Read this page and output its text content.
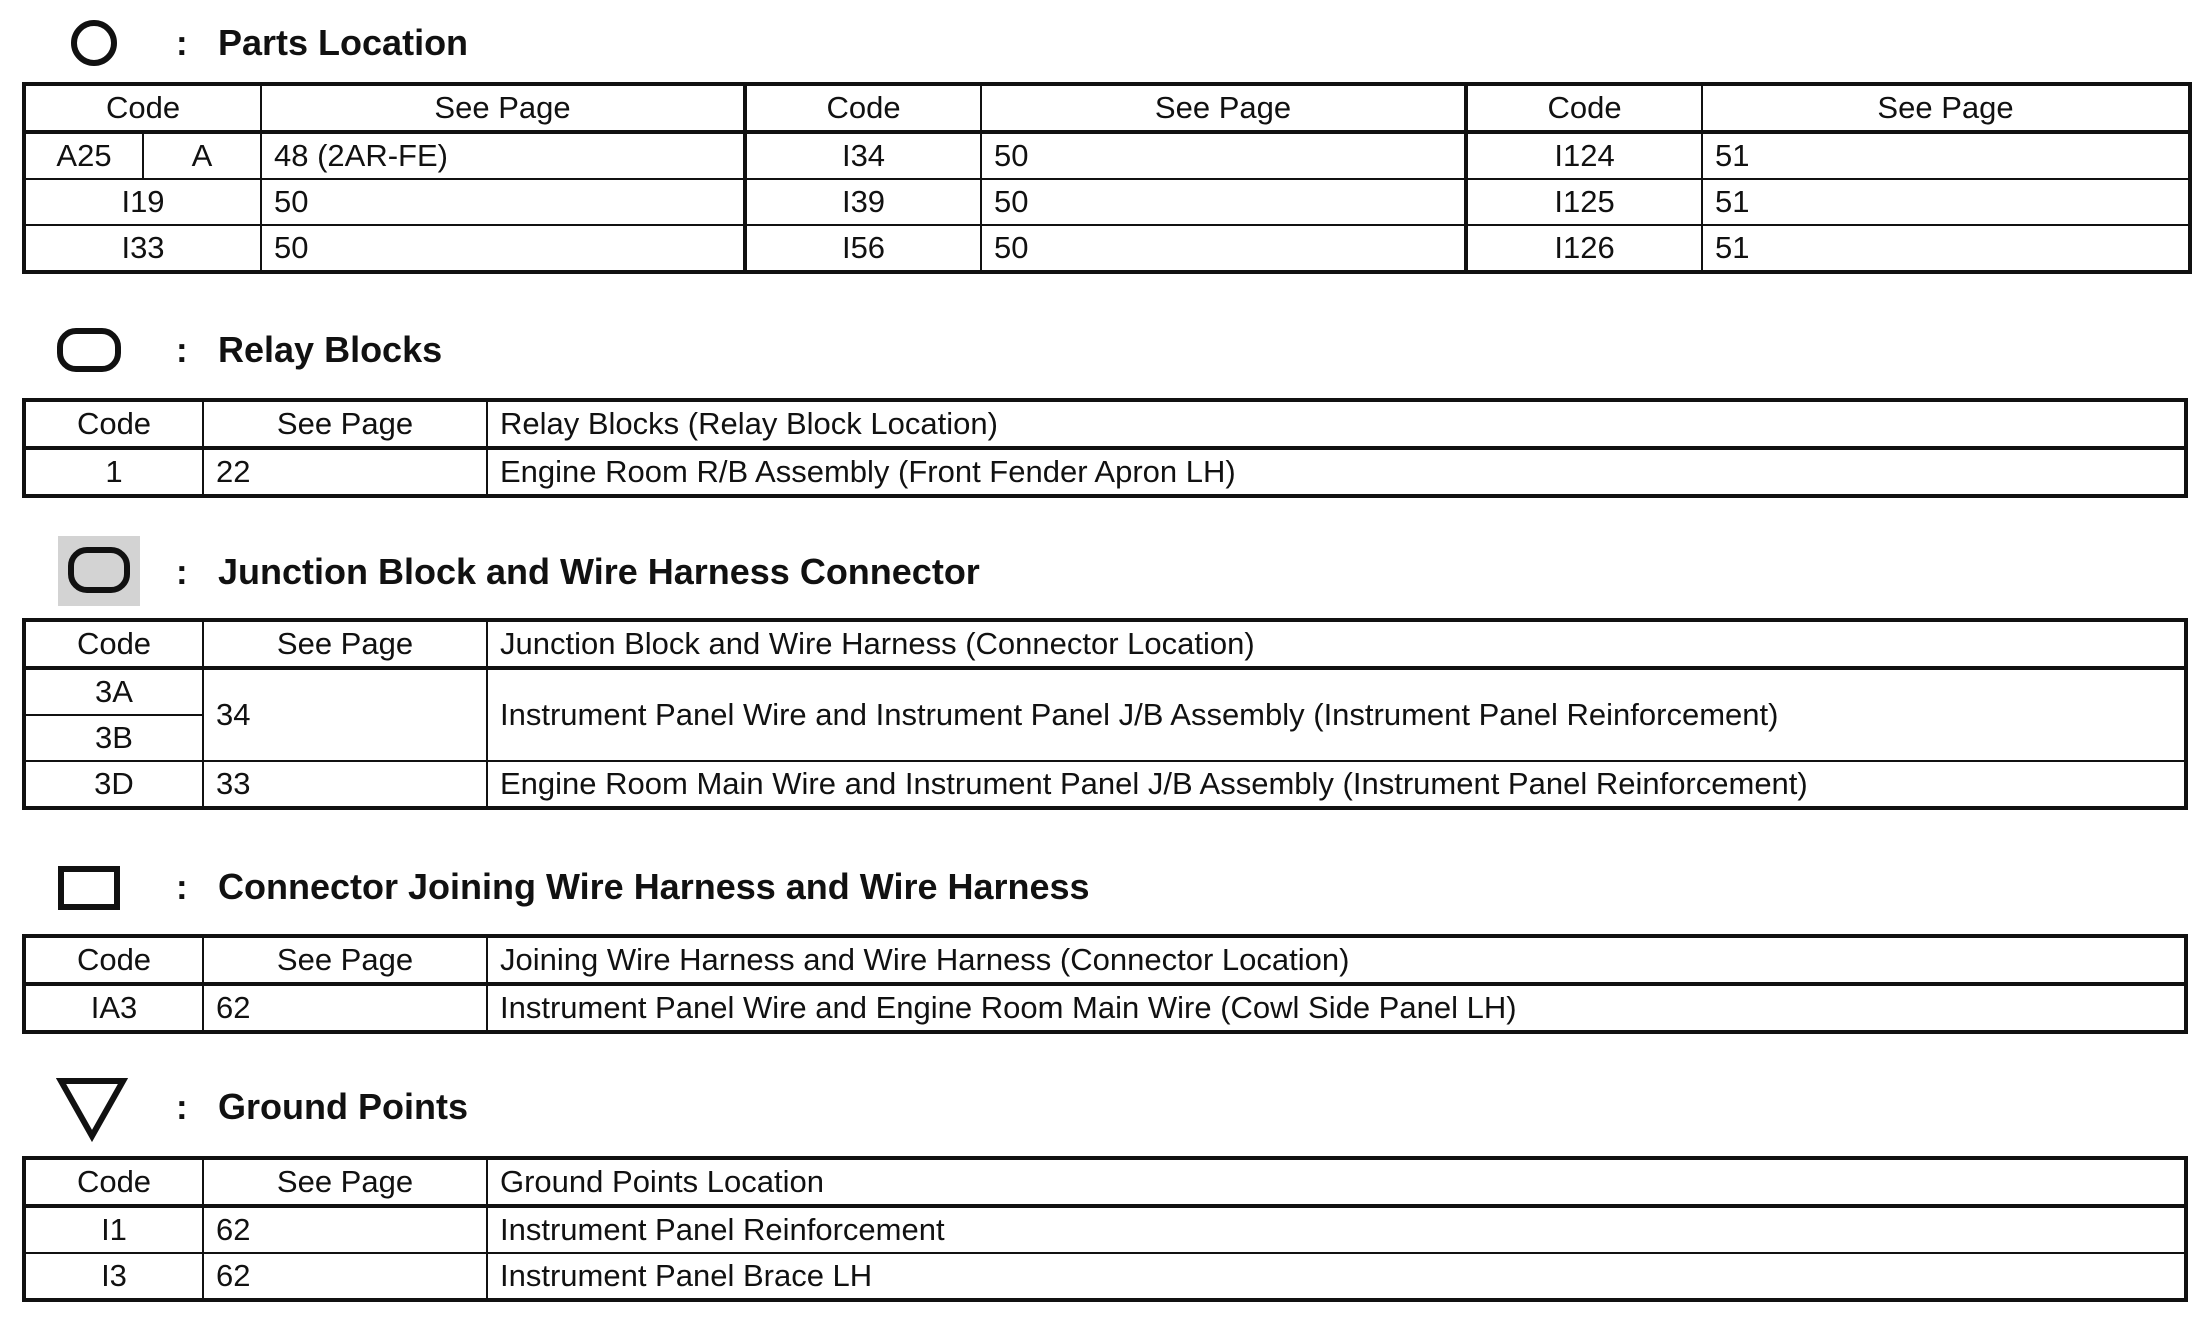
: Parts Location
Code		See Page	Code	See Page	Code	See Page
A25	A	48 (2AR-FE)	I34	50	I124	51
I19		50	I39	50	I125	51
I33		50	I56	50	I126	51
: Relay Blocks
Code	See Page	Relay Blocks (Relay Block Location)
1	22	Engine Room R/B Assembly (Front Fender Apron LH)
: Junction Block and Wire Harness Connector
Code	See Page	Junction Block and Wire Harness (Connector Location)
3A	34	Instrument Panel Wire and Instrument Panel J/B Assembly (Instrument Panel Reinforcement)
3B		
3D	33	Engine Room Main Wire and Instrument Panel J/B Assembly (Instrument Panel Reinforcement)
: Connector Joining Wire Harness and Wire Harness
Code	See Page	Joining Wire Harness and Wire Harness (Connector Location)
IA3	62	Instrument Panel Wire and Engine Room Main Wire (Cowl Side Panel LH)
: Ground Points
Code	See Page	Ground Points Location
I1	62	Instrument Panel Reinforcement
I3	62	Instrument Panel Brace LH
